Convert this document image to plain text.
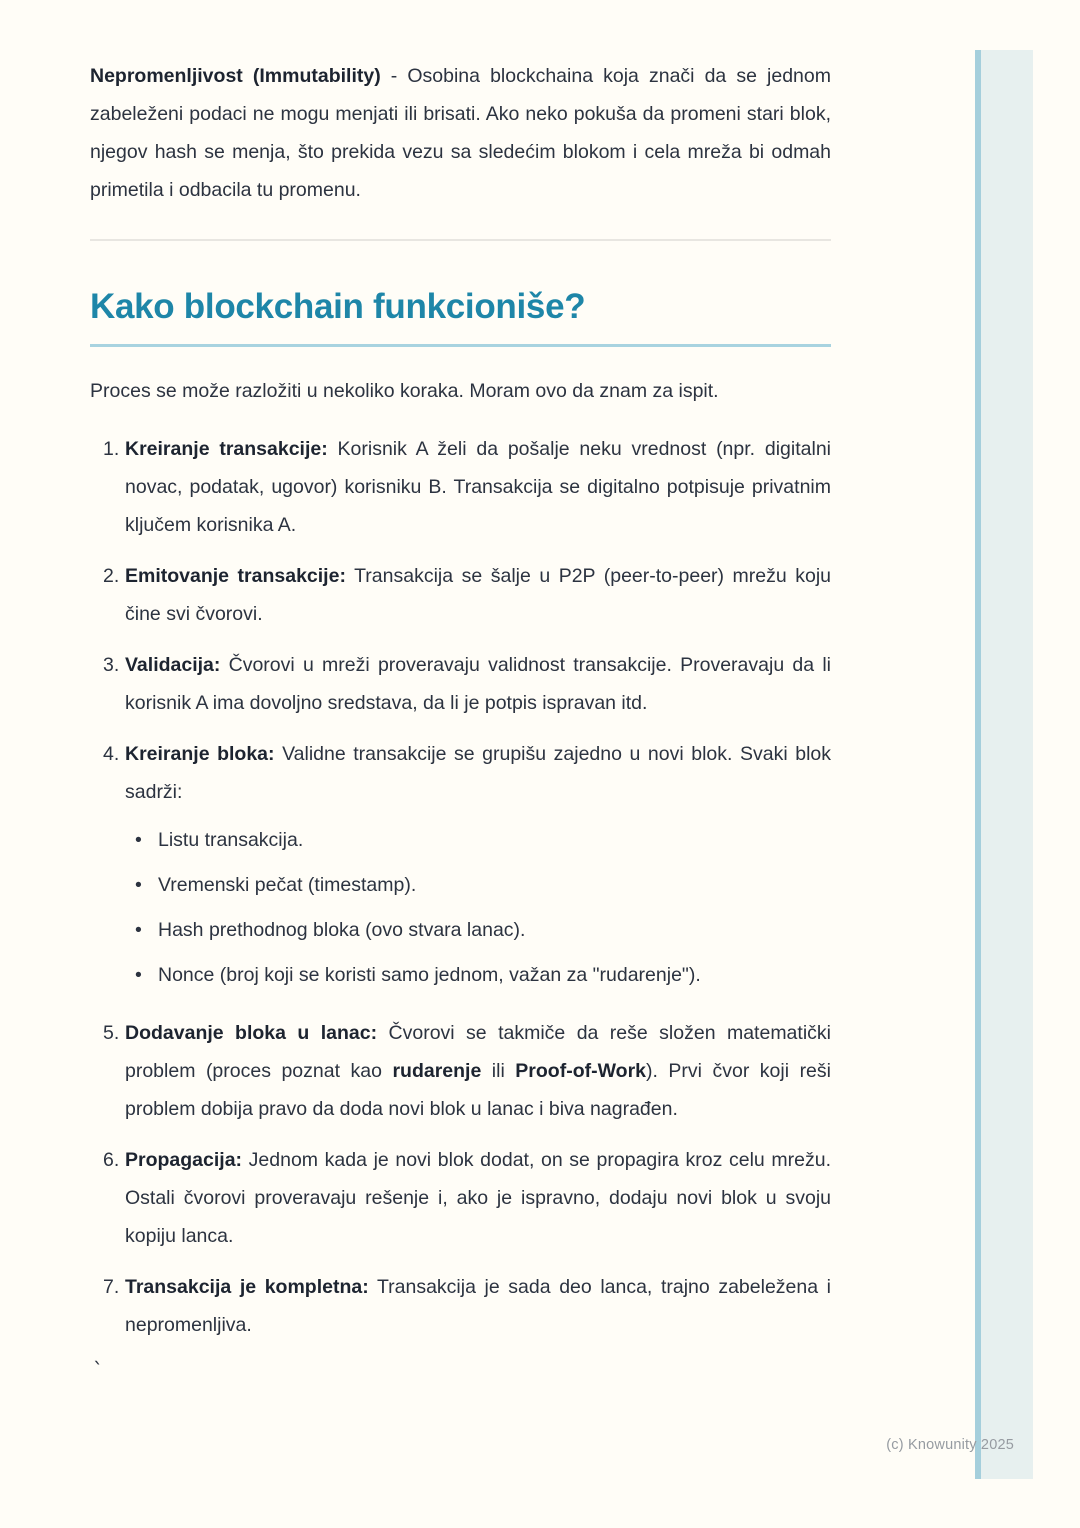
Nepromenljivost (Immutability) - Osobina blockchaina koja znači da se jednom zabeleženi podaci ne mogu menjati ili brisati. Ako neko pokuša da promeni stari blok, njegov hash se menja, što prekida vezu sa sledećim blokom i cela mreža bi odmah primetila i odbacila tu promenu.

Kako blockchain funkcioniše?

Proces se može razložiti u nekoliko koraka. Moram ovo da znam za ispit.

1. Kreiranje transakcije: Korisnik A želi da pošalje neku vrednost (npr. digitalni novac, podatak, ugovor) korisniku B. Transakcija se digitalno potpisuje privatnim ključem korisnika A.
2. Emitovanje transakcije: Transakcija se šalje u P2P (peer-to-peer) mrežu koju čine svi čvorovi.
3. Validacija: Čvorovi u mreži proveravaju validnost transakcije. Proveravaju da li korisnik A ima dovoljno sredstava, da li je potpis ispravan itd.
4. Kreiranje bloka: Validne transakcije se grupišu zajedno u novi blok. Svaki blok sadrži:
• Listu transakcija.
• Vremenski pečat (timestamp).
• Hash prethodnog bloka (ovo stvara lanac).
• Nonce (broj koji se koristi samo jednom, važan za "rudarenje").
5. Dodavanje bloka u lanac: Čvorovi se takmiče da reše složen matematički problem (proces poznat kao rudarenje ili Proof-of-Work). Prvi čvor koji reši problem dobija pravo da doda novi blok u lanac i biva nagrađen.
6. Propagacija: Jednom kada je novi blok dodat, on se propagira kroz celu mrežu. Ostali čvorovi proveravaju rešenje i, ako je ispravno, dodaju novi blok u svoju kopiju lanca.
7. Transakcija je kompletna: Transakcija je sada deo lanca, trajno zabeležena i nepromenljiva.
`
(c) Knowunity 2025
